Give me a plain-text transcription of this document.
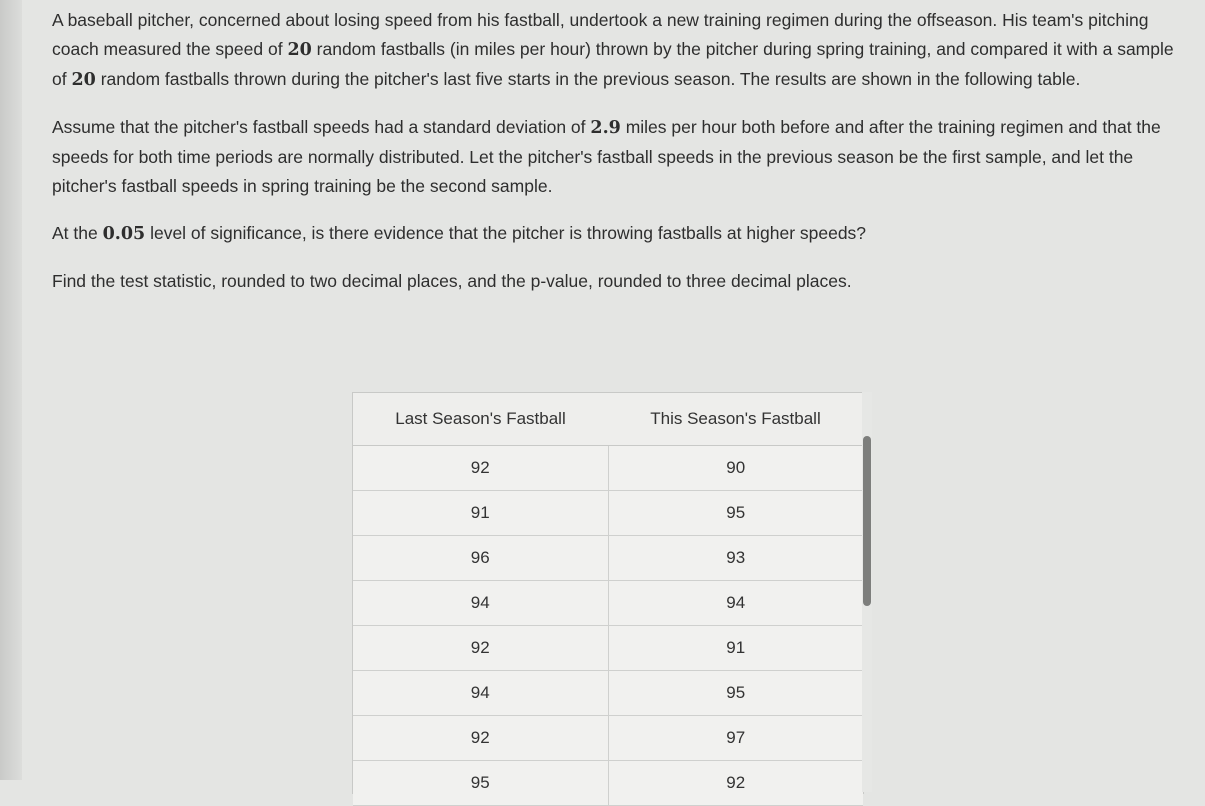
A baseball pitcher, concerned about losing speed from his fastball, undertook a new training regimen during the offseason. His team's pitching coach measured the speed of 20 random fastballs (in miles per hour) thrown by the pitcher during spring training, and compared it with a sample of 20 random fastballs thrown during the pitcher's last five starts in the previous season. The results are shown in the following table.

Assume that the pitcher's fastball speeds had a standard deviation of 2.9 miles per hour both before and after the training regimen and that the speeds for both time periods are normally distributed. Let the pitcher's fastball speeds in the previous season be the first sample, and let the pitcher's fastball speeds in spring training be the second sample.

At the 0.05 level of significance, is there evidence that the pitcher is throwing fastballs at higher speeds?

Find the test statistic, rounded to two decimal places, and the p-value, rounded to three decimal places.

Last Season's Fastball	This Season's Fastball
92	90
91	95
96	93
94	94
92	91
94	95
92	97
95	92
